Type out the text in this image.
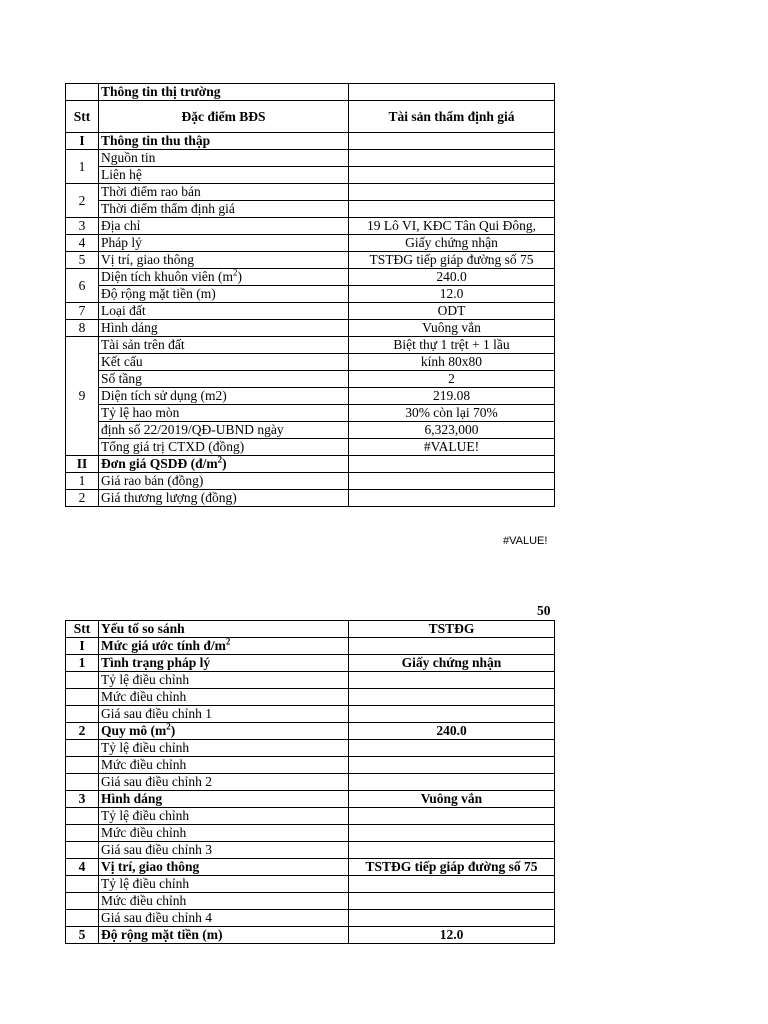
	Thông tin thị trường	
Stt	Đặc điểm BĐS	Tài sản thẩm định giá
I	Thông tin thu thập	
1	Nguồn tin	
	Liên hệ	
2	Thời điểm rao bán	
	Thời điểm thẩm định giá	
3	Địa chỉ	19 Lô VI, KĐC Tân Qui Đông,
4	Pháp lý	Giấy chứng nhận
5	Vị trí, giao thông	TSTĐG tiếp giáp đường số 75
6	Diện tích khuôn viên $(m^2)$	240.0
	Độ rộng mặt tiền (m)	12.0
7	Loại đất	ODT
8	Hình dáng	Vuông vắn
9	Tài sản trên đất	Biệt thự 1 trệt + 1 lầu
	Kết cấu	kính 80x80
	Số tầng	2
	Diện tích sử dụng (m2)	219.08
	Tỷ lệ hao mòn	30% còn lại 70%
	định số 22/2019/QĐ-UBND ngày	6,323,000
	Tổng giá trị CTXD (đồng)	#VALUE!
II	Đơn giá QSDĐ $(đ/m^2)$	
1	Giá rao bán (đồng)	
2	Giá thương lượng (đồng)	
#VALUE!
50
Stt	Yếu tố so sánh	TSTĐG
I	Mức giá ước tính $đ/m^2$	
1	Tình trạng pháp lý	Giấy chứng nhận
	Tỷ lệ điều chỉnh	
	Mức điều chỉnh	
	Giá sau điều chỉnh 1	
2	Quy mô $(m^2)$	240.0
	Tỷ lệ điều chỉnh	
	Mức điều chỉnh	
	Giá sau điều chỉnh 2	
3	Hình dáng	Vuông vắn
	Tỷ lệ điều chỉnh	
	Mức điều chỉnh	
	Giá sau điều chỉnh 3	
4	Vị trí, giao thông	TSTĐG tiếp giáp đường số 75
	Tỷ lệ điều chỉnh	
	Mức điều chỉnh	
	Giá sau điều chỉnh 4	
5	Độ rộng mặt tiền (m)	12.0
